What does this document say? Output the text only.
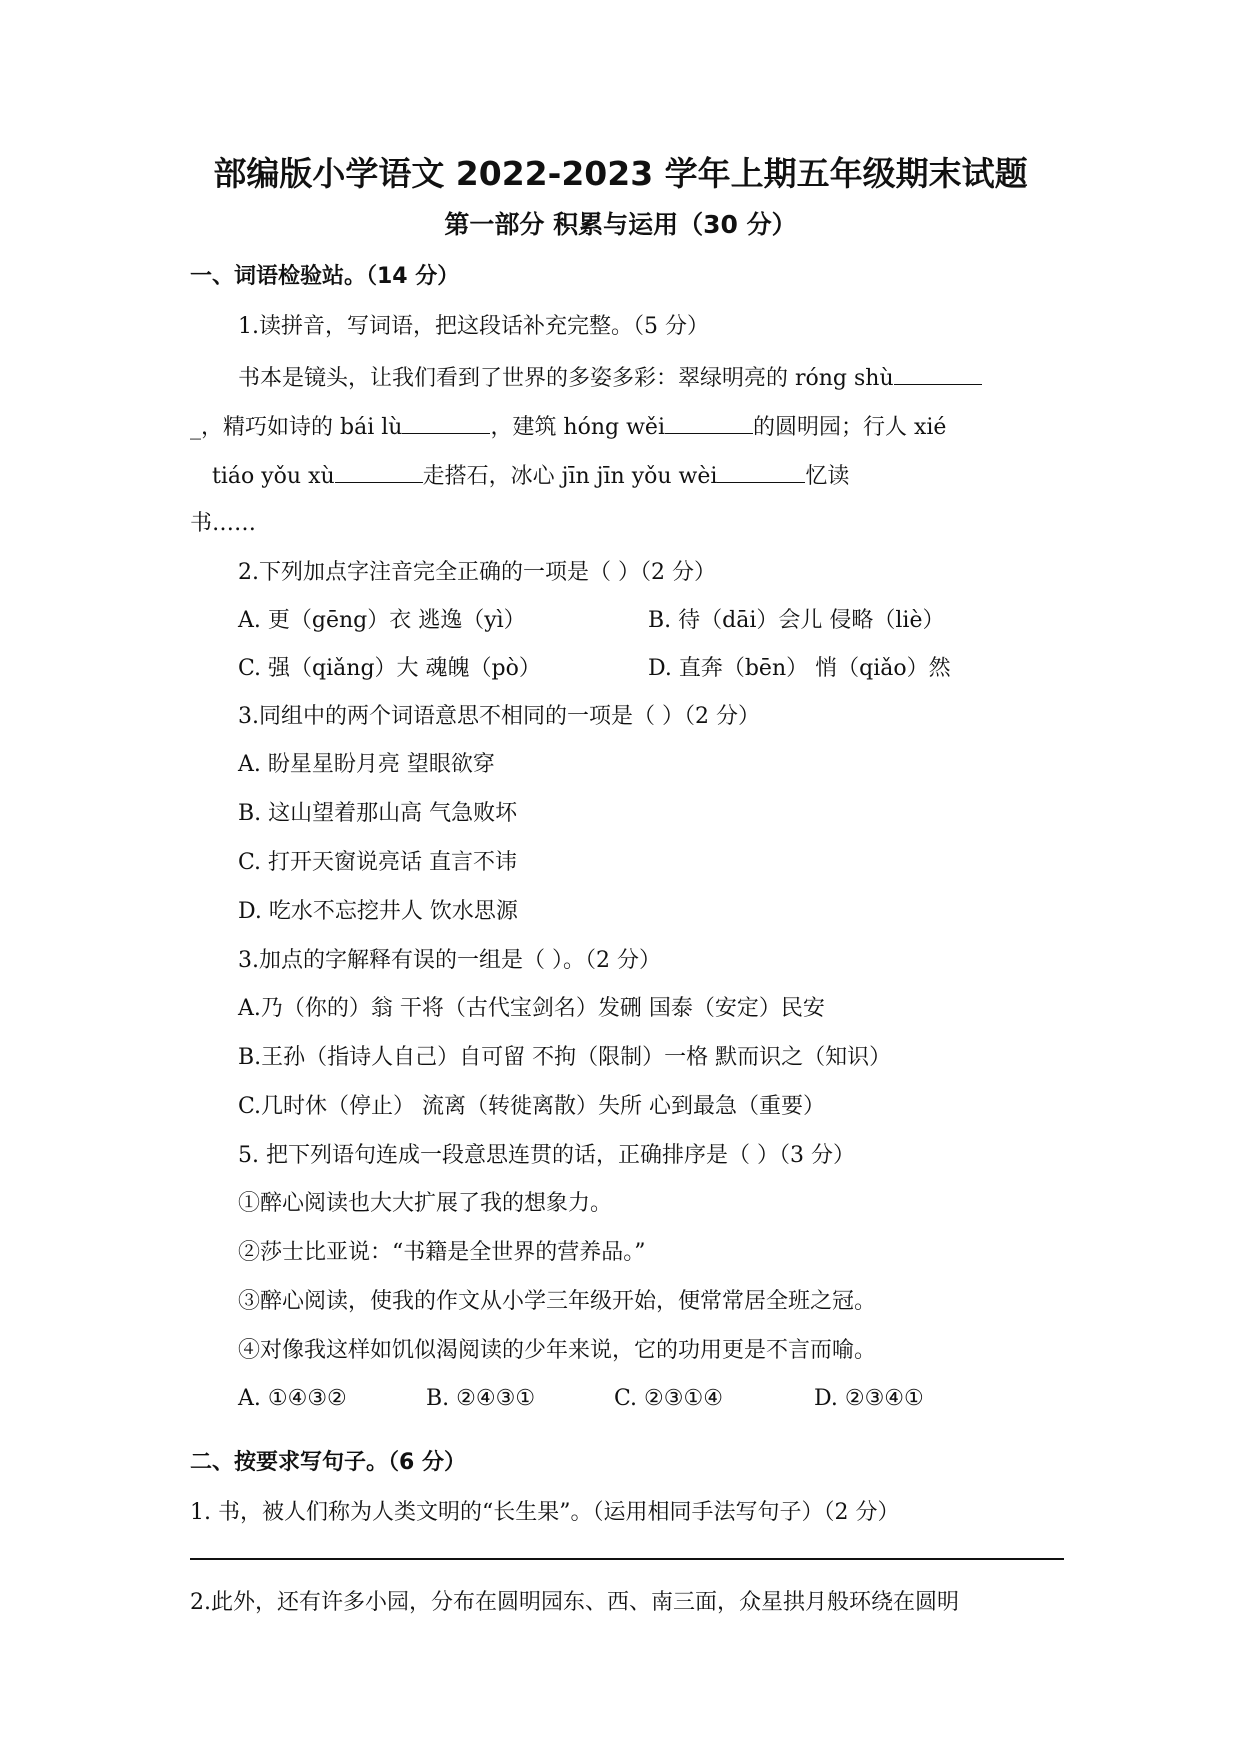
部编版小学语文 2022-2023 学年上期五年级期末试题
第一部分 积累与运用（30 分）
一、词语检验站。（14 分）
1.读拼音，写词语，把这段话补充完整。（5 分）
书本是镜头，让我们看到了世界的多姿多彩：翠绿明亮的 róng shù
_，精巧如诗的 bái lù	，建筑 hóng wěi	的圆明园；行人 xié
tiáo yǒu xù	走搭石，冰心 jīn jīn yǒu wèi	忆读
书……
2.下列加点字注音完全正确的一项是（ ）（2 分）
A. 更（gēng）衣 逃逸（yì）	B. 待（dāi）会儿 侵略（liè）
C. 强（qiǎng）大 魂魄（pò）	D. 直奔（bēn） 悄（qiǎo）然
3.同组中的两个词语意思不相同的一项是（ ）（2 分）
A. 盼星星盼月亮 望眼欲穿
B. 这山望着那山高 气急败坏
C. 打开天窗说亮话 直言不讳
D. 吃水不忘挖井人 饮水思源
3.加点的字解释有误的一组是（ ）。（2 分）
A.乃（你的）翁 干将（古代宝剑名）发硎 国泰（安定）民安
B.王孙（指诗人自己）自可留 不拘（限制）一格 默而识之（知识）
C.几时休（停止） 流离（转徙离散）失所 心到最急（重要）
5. 把下列语句连成一段意思连贯的话，正确排序是（ ）（3 分）
①醉心阅读也大大扩展了我的想象力。
②莎士比亚说：“书籍是全世界的营养品。”
③醉心阅读，使我的作文从小学三年级开始，便常常居全班之冠。
④对像我这样如饥似渴阅读的少年来说，它的功用更是不言而喻。
A. ①④③②	B. ②④③①	C. ②③①④	D. ②③④①
二、按要求写句子。（6 分）
1. 书，被人们称为人类文明的“长生果”。（运用相同手法写句子）（2 分）
2.此外，还有许多小园，分布在圆明园东、西、南三面，众星拱月般环绕在圆明
